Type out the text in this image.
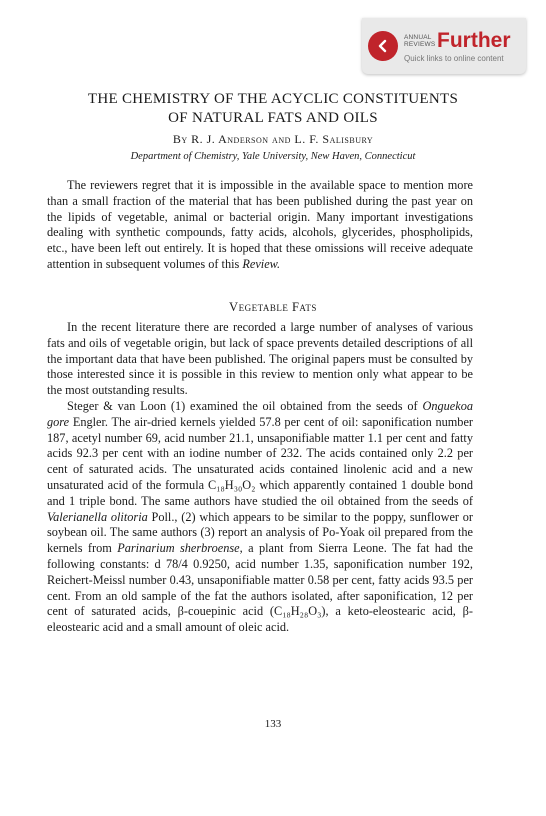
ANNUAL REVIEWS Further
Quick links to online content
THE CHEMISTRY OF THE ACYCLIC CONSTITUENTS
OF NATURAL FATS AND OILS
By R. J. Anderson and L. F. Salisbury
Department of Chemistry, Yale University, New Haven, Connecticut

The reviewers regret that it is impossible in the available space to mention more than a small fraction of the material that has been published during the past year on the lipids of vegetable, animal or bacterial origin. Many important investigations dealing with synthetic compounds, fatty acids, alcohols, glycerides, phospholipids, etc., have been left out entirely. It is hoped that these omissions will receive adequate attention in subsequent volumes of this Review.

Vegetable Fats

In the recent literature there are recorded a large number of analyses of various fats and oils of vegetable origin, but lack of space prevents detailed descriptions of all the important data that have been published. The original papers must be consulted by those interested since it is possible in this review to mention only what appear to be the most outstanding results.

Steger & van Loon (1) examined the oil obtained from the seeds of Onguekoa gore Engler. The air-dried kernels yielded 57.8 per cent of oil: saponification number 187, acetyl number 69, acid number 21.1, unsaponifiable matter 1.1 per cent and fatty acids 92.3 per cent with an iodine number of 232. The acids contained only 2.2 per cent of saturated acids. The unsaturated acids contained linolenic acid and a new unsaturated acid of the formula C₁₈H₃₀O₂ which apparently contained 1 double bond and 1 triple bond. The same authors have studied the oil obtained from the seeds of Valerianella olitoria Poll., (2) which appears to be similar to the poppy, sunflower or soybean oil. The same authors (3) report an analysis of Po-Yoak oil prepared from the kernels from Parinarium sherbroense, a plant from Sierra Leone. The fat had the following constants: d 78/4 0.9250, acid number 1.35, saponification number 192, Reichert-Meissl number 0.43, unsaponifiable matter 0.58 per cent, fatty acids 93.5 per cent. From an old sample of the fat the authors isolated, after saponification, 12 per cent of saturated acids, β-couepinic acid (C₁₈H₂₈O₃), a keto-eleostearic acid, β-eleostearic acid and a small amount of oleic acid.

133
